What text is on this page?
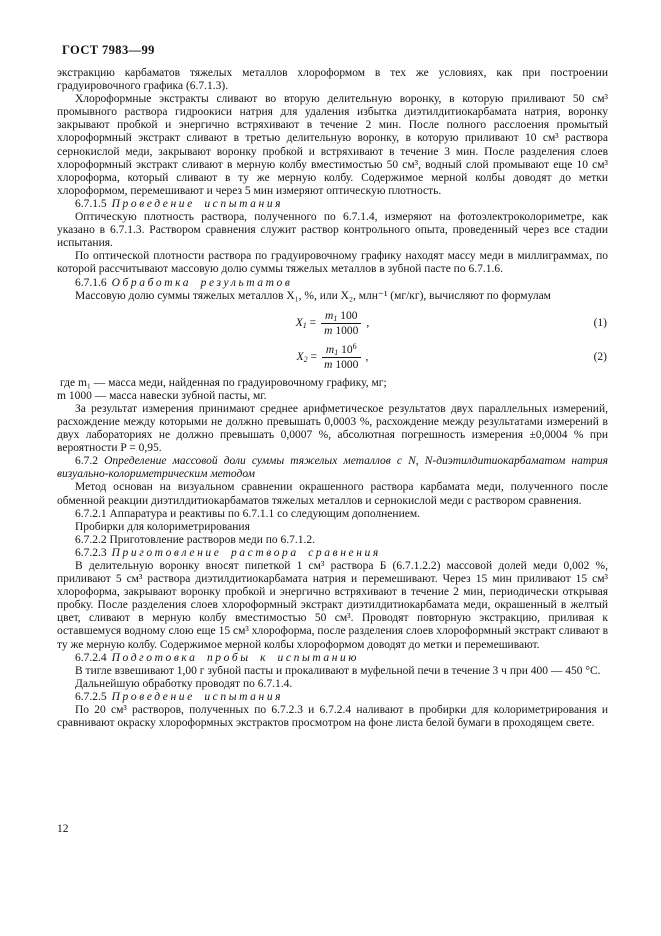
ГОСТ 7983—99
экстракцию карбаматов тяжелых металлов хлороформом в тех же условиях, как при построении градуировочного графика (6.7.1.3).
Хлороформные экстракты сливают во вторую делительную воронку, в которую приливают 50 см³ промывного раствора гидроокиси натрия для удаления избытка диэтилдитиокарбамата натрия, воронку закрывают пробкой и энергично встряхивают в течение 2 мин. После полного расслоения промытый хлороформный экстракт сливают в третью делительную воронку, в которую приливают 10 см³ раствора сернокислой меди, закрывают воронку пробкой и встряхивают в течение 3 мин. После разделения слоев хлороформный экстракт сливают в мерную колбу вместимостью 50 см³, водный слой промывают еще 10 см³ хлороформа, который сливают в ту же мерную колбу. Содержимое мерной колбы доводят до метки хлороформом, перемешивают и через 5 мин измеряют оптическую плотность.
6.7.1.5 Проведение испытания
Оптическую плотность раствора, полученного по 6.7.1.4, измеряют на фотоэлектроколориметре, как указано в 6.7.1.3. Раствором сравнения служит раствор контрольного опыта, проведенный через все стадии испытания.
По оптической плотности раствора по градуировочному графику находят массу меди в миллиграммах, по которой рассчитывают массовую долю суммы тяжелых металлов в зубной пасте по 6.7.1.6.
6.7.1.6 Обработка результатов
Массовую долю суммы тяжелых металлов X₁, %, или X₂, млн⁻¹ (мг/кг), вычисляют по формулам
$X_1 = \frac{m_1 100}{m 1000}$ ,	(1)
$X_2 = \frac{m_1 10^6}{m 1000}$ ,	(2)
где m₁ — масса меди, найденная по градуировочному графику, мг;
m 1000 — масса навески зубной пасты, мг.
За результат измерения принимают среднее арифметическое результатов двух параллельных измерений, расхождение между которыми не должно превышать 0,0003 %, расхождение между результатами измерений в двух лабораториях не должно превышать 0,0007 %, абсолютная погрешность измерения ±0,0004 % при вероятности P = 0,95.
6.7.2 Определение массовой доли суммы тяжелых металлов с N, N-диэтилдитиокарбаматом натрия визуально-колориметрическим методом
Метод основан на визуальном сравнении окрашенного раствора карбамата меди, полученного после обменной реакции диэтилдитиокарбаматов тяжелых металлов и сернокислой меди с раствором сравнения.
6.7.2.1 Аппаратура и реактивы по 6.7.1.1 со следующим дополнением.
Пробирки для колориметрирования
6.7.2.2 Приготовление растворов меди по 6.7.1.2.
6.7.2.3 Приготовление раствора сравнения
В делительную воронку вносят пипеткой 1 см³ раствора Б (6.7.1.2.2) массовой долей меди 0,002 %, приливают 5 см³ раствора диэтилдитиокарбамата натрия и перемешивают. Через 15 мин приливают 15 см³ хлороформа, закрывают воронку пробкой и энергично встряхивают в течение 2 мин, периодически открывая пробку. После разделения слоев хлороформный экстракт диэтилдитиокарбамата меди, окрашенный в желтый цвет, сливают в мерную колбу вместимостью 50 см³. Проводят повторную экстракцию, приливая к оставшемуся водному слою еще 15 см³ хлороформа, после разделения слоев хлороформный экстракт сливают в ту же мерную колбу. Содержимое мерной колбы хлороформом доводят до метки и перемешивают.
6.7.2.4 Подготовка пробы к испытанию
В тигле взвешивают 1,00 г зубной пасты и прокаливают в муфельной печи в течение 3 ч при 400 — 450 °С.
Дальнейшую обработку проводят по 6.7.1.4.
6.7.2.5 Проведение испытания
По 20 см³ растворов, полученных по 6.7.2.3 и 6.7.2.4 наливают в пробирки для колориметрирования и сравнивают окраску хлороформных экстрактов просмотром на фоне листа белой бумаги в проходящем свете.
12
